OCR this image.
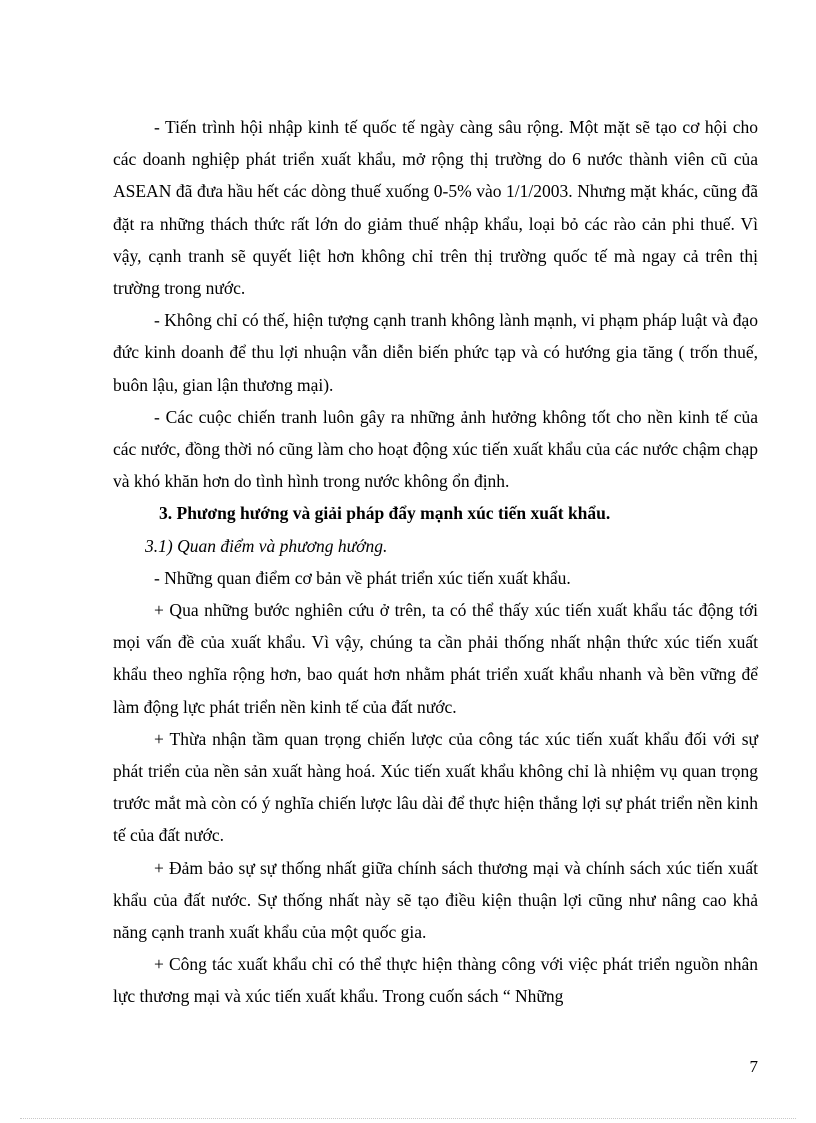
- Tiến trình hội nhập kinh tế quốc tế ngày càng sâu rộng. Một mặt sẽ tạo cơ hội cho các doanh nghiệp phát triển xuất khẩu, mở rộng thị trường do 6 nước thành viên cũ của ASEAN đã đưa hầu hết các dòng thuế xuống 0-5% vào 1/1/2003. Nhưng mặt khác, cũng đã đặt ra những thách thức rất lớn do giảm thuế nhập khẩu, loại bỏ các rào cản phi thuế. Vì vậy, cạnh tranh sẽ quyết liệt hơn không chỉ trên thị trường quốc tế mà ngay cả trên thị trường trong nước.

- Không chỉ có thế, hiện tượng cạnh tranh không lành mạnh, vi phạm pháp luật và đạo đức kinh doanh để thu lợi nhuận vẫn diễn biến phức tạp và có hướng gia tăng ( trốn thuế, buôn lậu, gian lận thương mại).

- Các cuộc chiến tranh luôn gây ra những ảnh hưởng không tốt cho nền kinh tế của các nước, đồng thời nó cũng làm cho hoạt động xúc tiến xuất khẩu của các nước chậm chạp và khó khăn hơn do tình hình trong nước không ổn định.

3. Phương hướng và giải pháp đẩy mạnh xúc tiến xuất khẩu.

3.1) Quan điểm và phương hướng.

- Những quan điểm cơ bản về phát triển xúc tiến xuất khẩu.

+ Qua những bước nghiên cứu ở trên, ta có thể thấy xúc tiến xuất khẩu tác động tới mọi vấn đề của xuất khẩu. Vì vậy, chúng ta cần phải thống nhất nhận thức xúc tiến xuất khẩu theo nghĩa rộng hơn, bao quát hơn nhằm phát triển xuất khẩu nhanh và bền vững để làm động lực phát triển nền kinh tế của đất nước.

+ Thừa nhận tầm quan trọng chiến lược của công tác xúc tiến xuất khẩu đối với sự phát triển của nền sản xuất hàng hoá. Xúc tiến xuất khẩu không chỉ là nhiệm vụ quan trọng trước mắt mà còn có ý nghĩa chiến lược lâu dài để thực hiện thắng lợi sự phát triển nền kinh tế của đất nước.

+ Đảm bảo sự sự thống nhất giữa chính sách thương mại và chính sách xúc tiến xuất khẩu của đất nước. Sự thống nhất này sẽ tạo điều kiện thuận lợi cũng như nâng cao khả năng cạnh tranh xuất khẩu của một quốc gia.

+ Công tác xuất khẩu chỉ có thể thực hiện thàng công với việc phát triển nguồn nhân lực thương mại và xúc tiến xuất khẩu. Trong cuốn sách “ Những

7
